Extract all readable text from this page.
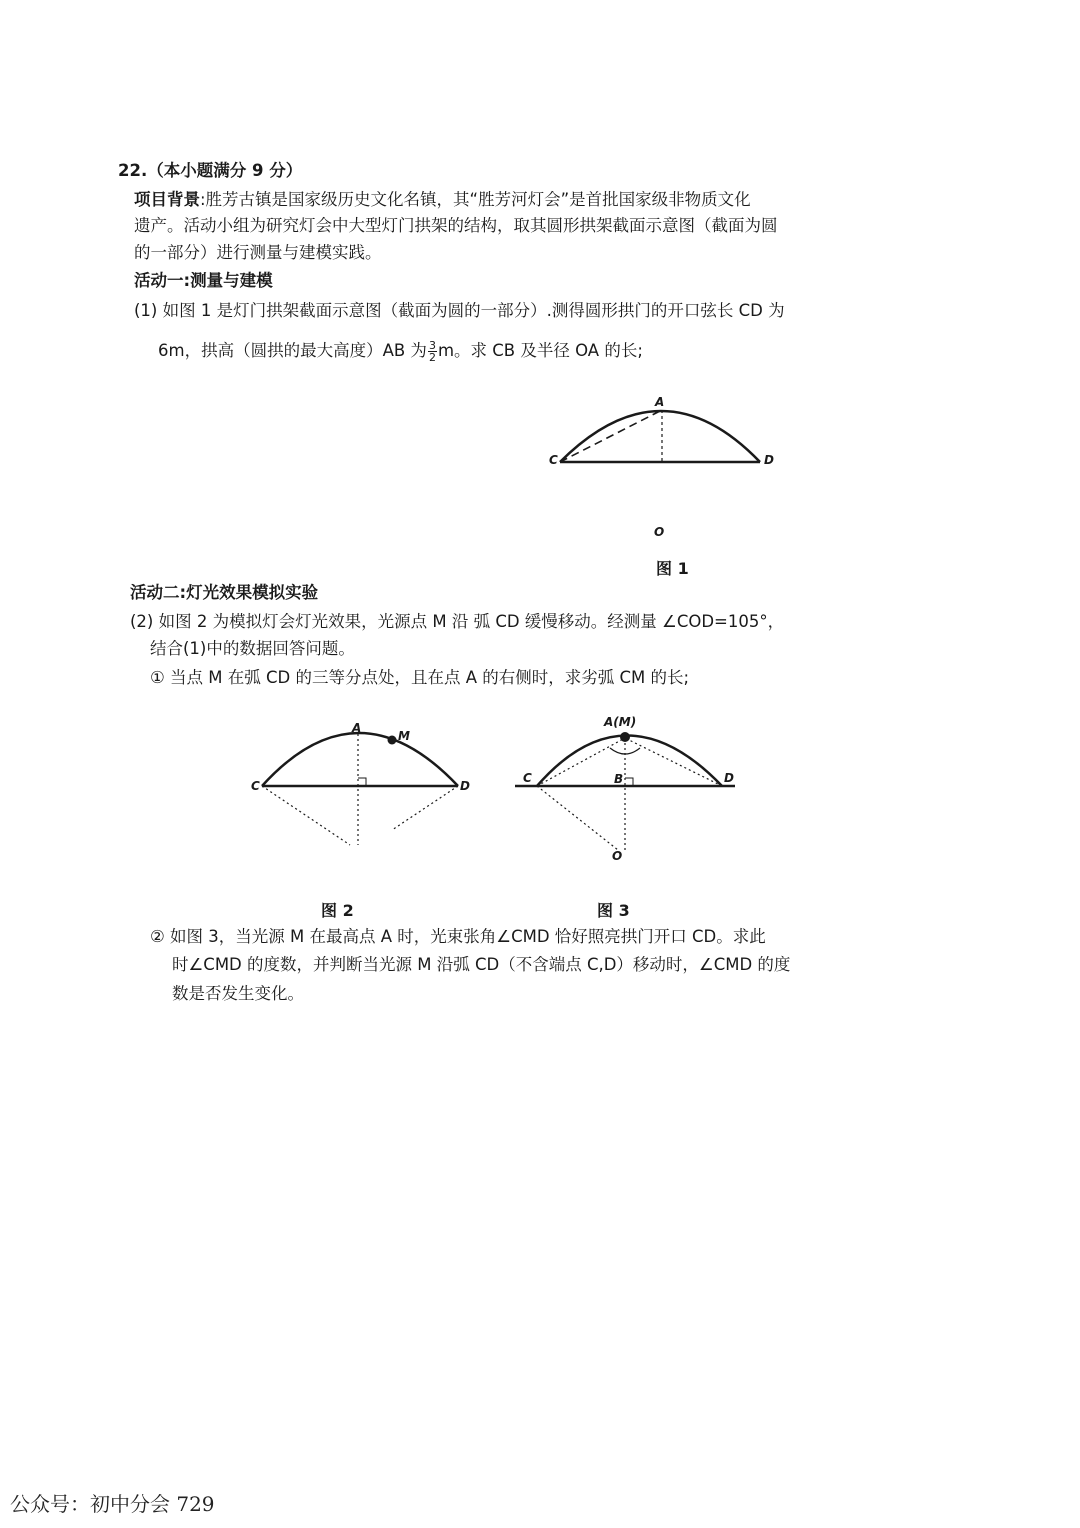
22.（本小题满分 9 分）
项目背景:胜芳古镇是国家级历史文化名镇，其“胜芳河灯会”是首批国家级非物质文化
遗产。活动小组为研究灯会中大型灯门拱架的结构，取其圆形拱架截面示意图（截面为圆
的一部分）进行测量与建模实践。
活动一:测量与建模
(1) 如图 1 是灯门拱架截面示意图（截面为圆的一部分）.测得圆形拱门的开口弦长 CD 为
6m，拱高（圆拱的最大高度）AB 为 $\frac{3}{2}$ m。求 CB 及半径 OA 的长;
A
C	D
O
图 1
活动二:灯光效果模拟实验
(2) 如图 2 为模拟灯会灯光效果，光源点 M 沿 弧 CD 缓慢移动。经测量 ∠COD=105°，
结合(1)中的数据回答问题。
① 当点 M 在弧 CD 的三等分点处，且在点 A 的右侧时，求劣弧 CM 的长;
A
M
C	D
图 2
A(M)
B
C	D
O
图 3
② 如图 3，当光源 M 在最高点 A 时，光束张角∠CMD 恰好照亮拱门开口 CD。求此
时∠CMD 的度数，并判断当光源 M 沿弧 CD（不含端点 C,D）移动时，∠CMD 的度
数是否发生变化。
公众号：初中分会 729
